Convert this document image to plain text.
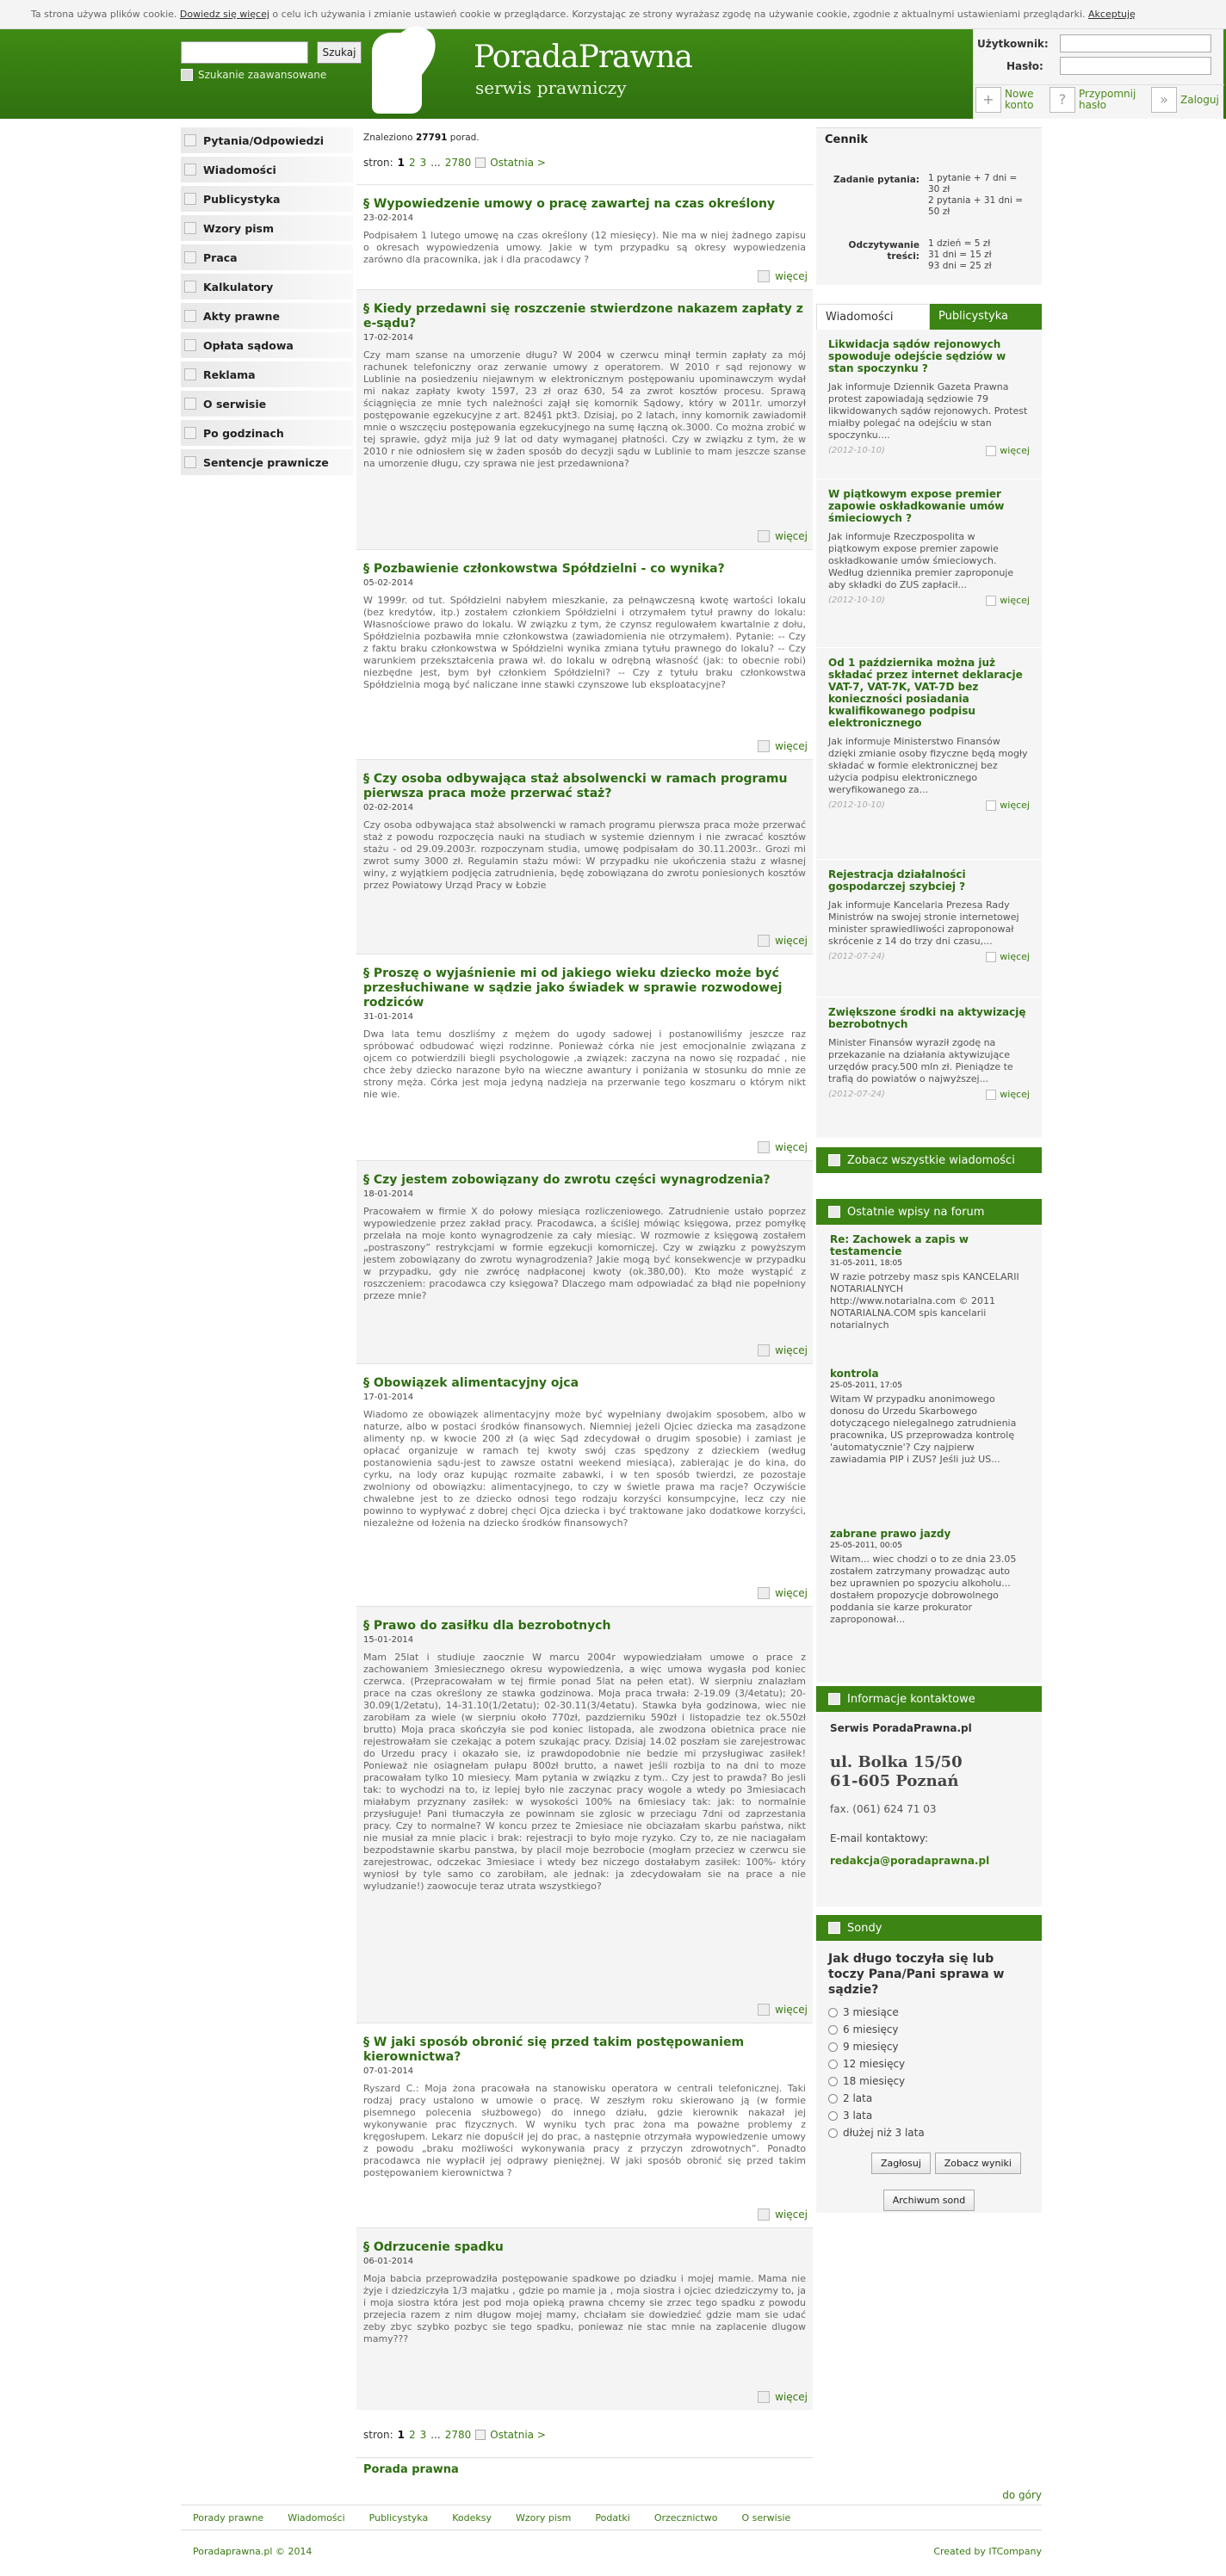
Ta strona używa plików cookie. Dowiedz się więcej o celu ich używania i zmianie ustawień cookie w przeglądarce. Korzystając ze strony wyrażasz zgodę na używanie cookie, zgodnie z aktualnymi ustawieniami przeglądarki. Akceptuję
Szukaj
Szukanie zaawansowane	PoradaPrawna
serwis prawniczy
Użytkownik:
Hasło:
+	Nowe konto	?	Przypomnij hasło	»	Zaloguj
Pytania/Odpowiedzi
Wiadomości
Publicystyka
Wzory pism
Praca
Kalkulatory
Akty prawne
Opłata sądowa
Reklama
O serwisie
Po godzinach
Sentencje prawnicze
Znaleziono 27791 porad.
stron: 1 2 3 ... 2780 Ostatnia >
§ Wypowiedzenie umowy o pracę zawartej na czas określony
23-02-2014
Podpisałem 1 lutego umowę na czas określony (12 miesięcy). Nie ma w niej żadnego zapisu o okresach wypowiedzenia umowy. Jakie w tym przypadku są okresy wypowiedzenia zarówno dla pracownika, jak i dla pracodawcy ?
więcej
§ Kiedy przedawni się roszczenie stwierdzone nakazem zapłaty z e-sądu?
17-02-2014
Czy mam szanse na umorzenie długu? W 2004 w czerwcu minął termin zapłaty za mój rachunek telefoniczny oraz zerwanie umowy z operatorem. W 2010 r sąd rejonowy w Lublinie na posiedzeniu niejawnym w elektronicznym postępowaniu upominawczym wydał mi nakaz zapłaty kwoty 1597, 23 zł oraz 630, 54 za zwrot kosztów procesu. Sprawą ściągnięcia ze mnie tych należności zajął się komornik Sądowy, który w 2011r. umorzył postępowanie egzekucyjne z art. 824§1 pkt3. Dzisiaj, po 2 latach, inny komornik zawiadomił mnie o wszczęciu postępowania egzekucyjnego na sumę łączną ok.3000. Co można zrobić w tej sprawie, gdyż mija już 9 lat od daty wymaganej płatności. Czy w związku z tym, że w 2010 r nie odniosłem się w żaden sposób do decyzji sądu w Lublinie to mam jeszcze szanse na umorzenie długu, czy sprawa nie jest przedawniona?
więcej
§ Pozbawienie członkowstwa Spółdzielni - co wynika?
05-02-2014
W 1999r. od tut. Spółdzielni nabyłem mieszkanie, za pełnąwczesną kwotę wartości lokalu (bez kredytów, itp.) zostałem członkiem Spółdzielni i otrzymałem tytuł prawny do lokalu: Własnościowe prawo do lokalu. W związku z tym, że czynsz regulowałem kwartalnie z dołu, Spółdzielnia pozbawiła mnie członkowstwa (zawiadomienia nie otrzymałem). Pytanie: -- Czy z faktu braku członkowstwa w Spółdzielni wynika zmiana tytułu prawnego do lokalu? -- Czy warunkiem przekształcenia prawa wł. do lokalu w odrębną własność (jak: to obecnie robi) niezbędne jest, bym był członkiem Spółdzielni? -- Czy z tytułu braku członkowstwa Spółdzielnia mogą być naliczane inne stawki czynszowe lub eksploatacyjne?
więcej
§ Czy osoba odbywająca staż absolwencki w ramach programu pierwsza praca może przerwać staż?
02-02-2014
Czy osoba odbywająca staż absolwencki w ramach programu pierwsza praca może przerwać staż z powodu rozpoczęcia nauki na studiach w systemie dziennym i nie zwracać kosztów stażu - od 29.09.2003r. rozpoczynam studia, umowę podpisałam do 30.11.2003r.. Grozi mi zwrot sumy 3000 zł. Regulamin stażu mówi: W przypadku nie ukończenia stażu z własnej winy, z wyjątkiem podjęcia zatrudnienia, będę zobowiązana do zwrotu poniesionych kosztów przez Powiatowy Urząd Pracy w Łobzie
więcej
§ Proszę o wyjaśnienie mi od jakiego wieku dziecko może być przesłuchiwane w sądzie jako świadek w sprawie rozwodowej rodziców
31-01-2014
Dwa lata temu doszliśmy z mężem do ugody sadowej i postanowiliśmy jeszcze raz spróbować odbudować więzi rodzinne. Ponieważ córka nie jest emocjonalnie związana z ojcem co potwierdzili biegli psychologowie ,a związek: zaczyna na nowo się rozpadać , nie chce żeby dziecko narazone było na wieczne awantury i poniżania w stosunku do mnie ze strony męża. Córka jest moja jedyną nadzieja na przerwanie tego koszmaru o którym nikt nie wie.
więcej
§ Czy jestem zobowiązany do zwrotu części wynagrodzenia?
18-01-2014
Pracowałem w firmie X do połowy miesiąca rozliczeniowego. Zatrudnienie ustało poprzez wypowiedzenie przez zakład pracy. Pracodawca, a ściślej mówiąc księgowa, przez pomyłkę przelała na moje konto wynagrodzenie za cały miesiąc. W rozmowie z księgową zostałem „postraszony” restrykcjami w formie egzekucji komorniczej. Czy w związku z powyższym jestem zobowiązany do zwrotu wynagrodzenia? Jakie mogą być konsekwencje w przypadku w przypadku, gdy nie zwrócę nadpłaconej kwoty (ok.380,00). Kto może wystąpić z roszczeniem: pracodawca czy księgowa? Dlaczego mam odpowiadać za błąd nie popełniony przeze mnie?
więcej
§ Obowiązek alimentacyjny ojca
17-01-2014
Wiadomo ze obowiązek alimentacyjny może być wypełniany dwojakim sposobem, albo w naturze, albo w postaci środków finansowych. Niemniej jeżeli Ojciec dziecka ma zasądzone alimenty np. w kwocie 200 zł (a więc Sąd zdecydował o drugim sposobie) i zamiast je opłacać organizuje w ramach tej kwoty swój czas spędzony z dzieckiem (według postanowienia sądu-jest to zawsze ostatni weekend miesiąca), zabierając je do kina, do cyrku, na lody oraz kupując rozmaite zabawki, i w ten sposób twierdzi, ze pozostaje zwolniony od obowiązku: alimentacyjnego, to czy w świetle prawa ma racje? Oczywiście chwalebne jest to ze dziecko odnosi tego rodzaju korzyści konsumpcyjne, lecz czy nie powinno to wypływać z dobrej chęci Ojca dziecka i być traktowane jako dodatkowe korzyści, niezależne od łożenia na dziecko środków finansowych?
więcej
§ Prawo do zasiłku dla bezrobotnych
15-01-2014
Mam 25lat i studiuje zaocznie W marcu 2004r wypowiedziałam umowe o prace z zachowaniem 3miesiecznego okresu wypowiedzenia, a więc umowa wygasła pod koniec czerwca. (Przepracowałam w tej firmie ponad 5lat na pełen etat). W sierpniu znalazłam prace na czas określony ze stawka godzinowa. Moja praca trwała: 2-19.09 (3/4etatu); 20-30.09(1/2etatu), 14-31.10(1/2etatu); 02-30.11(3/4etatu). Stawka była godzinowa, wiec nie zarobiłam za wiele (w sierpniu około 770zł, pazdzierniku 590zł i listopadzie tez ok.550zł brutto) Moja praca skończyła sie pod koniec listopada, ale zwodzona obietnica prace nie rejestrowałam sie czekając a potem szukając pracy. Dzisiaj 14.02 poszłam sie zarejestrowac do Urzedu pracy i okazało sie, iz prawdopodobnie nie bedzie mi przysługiwac zasiłek! Ponieważ nie osiagnełam pułapu 800zł brutto, a nawet jeśli rozbija to na dni to moze pracowałam tylko 10 miesiecy. Mam pytania w związku z tym.. Czy jest to prawda? Bo jesli tak: to wychodzi na to, iz lepiej było nie zaczynac pracy wogole a wtedy po 3miesiacach miałabym przyznany zasiłek: w wysokości 100% na 6miesiacy tak: jak: to normalnie przysługuje! Pani tłumaczyła ze powinnam sie zglosic w przeciagu 7dni od zaprzestania pracy. Czy to normalne? W koncu przez te 2miesiace nie obciazałam skarbu państwa, nikt nie musiał za mnie placic i brak: rejestracji to było moje ryzyko. Czy to, ze nie naciagałam bezpodstawnie skarbu panstwa, by placil moje bezrobocie (mogłam przeciez w czerwcu sie zarejestrowac, odczekac 3miesiace i wtedy bez niczego dostałabym zasiłek: 100%- który wyniosł by tyle samo co zarobiłam, ale jednak: ja zdecydowałam sie na prace a nie wyludzanie!) zaowocuje teraz utrata wszystkiego?
więcej
§ W jaki sposób obronić się przed takim postępowaniem kierownictwa?
07-01-2014
Ryszard C.: Moja żona pracowała na stanowisku operatora w centrali telefonicznej. Taki rodzaj pracy ustalono w umowie o pracę. W zeszłym roku skierowano ją (w formie pisemnego polecenia służbowego) do innego działu, gdzie kierownik nakazał jej wykonywanie prac fizycznych. W wyniku tych prac żona ma poważne problemy z kręgosłupem. Lekarz nie dopuścił jej do prac, a następnie otrzymała wypowiedzenie umowy z powodu „braku możliwości wykonywania pracy z przyczyn zdrowotnych”. Ponadto pracodawca nie wypłacił jej odprawy pieniężnej. W jaki sposób obronić się przed takim postępowaniem kierownictwa ?
więcej
§ Odrzucenie spadku
06-01-2014
Moja babcia przeprowadziła postępowanie spadkowe po dziadku i mojej mamie. Mama nie żyje i dziedziczyła 1/3 majatku , gdzie po mamie ja , moja siostra i ojciec dziedziczymy to, ja i moja siostra która jest pod moja opieką prawna chcemy sie zrzec tego spadku z powodu przejecia razem z nim długow mojej mamy, chciałam sie dowiedzieć gdzie mam sie udać zeby zbyc szybko pozbyc sie tego spadku, poniewaz nie stac mnie na zaplacenie dlugow mamy???
więcej
stron: 1 2 3 ... 2780 Ostatnia >
Porada prawna
Cennik
Zadanie pytania: 1 pytanie + 7 dni = 30 zł
2 pytania + 31 dni = 50 zł
Odczytywanie treści:
1 dzień = 5 zł
31 dni = 15 zł
93 dni = 25 zł
Wiadomości	Publicystyka
Likwidacja sądów rejonowych spowoduje odejście sędziów w stan spoczynku ?

Jak informuje Dziennik Gazeta Prawna protest zapowiadają sędziowie 79 likwidowanych sądów rejonowych. Protest miałby polegać na odejściu w stan spoczynku....

(2012-10-10)	więcej
W piątkowym expose premier zapowie oskładkowanie umów śmieciowych ?

Jak informuje Rzeczpospolita w piątkowym expose premier zapowie oskładkowanie umów śmieciowych. Według dziennika premier zaproponuje aby składki do ZUS zapłacił...

(2012-10-10)	więcej
Od 1 października można już składać przez internet deklaracje VAT-7, VAT-7K, VAT-7D bez konieczności posiadania kwalifikowanego podpisu elektronicznego

Jak informuje Ministerstwo Finansów dzięki zmianie osoby fizyczne będą mogły składać w formie elektronicznej bez użycia podpisu elektronicznego weryfikowanego za...

(2012-10-10)	więcej
Rejestracja działalności gospodarczej szybciej ?

Jak informuje Kancelaria Prezesa Rady Ministrów na swojej stronie internetowej minister sprawiedliwości zaproponował skrócenie z 14 do trzy dni czasu,...

(2012-07-24)	więcej
Zwiększone środki na aktywizację bezrobotnych

Minister Finansów wyraził zgodę na przekazanie na działania aktywizujące urzędów pracy.500 mln zł. Pieniądze te trafią do powiatów o najwyższej...

(2012-07-24)	więcej
Zobacz wszystkie wiadomości
Ostatnie wpisy na forum
Re: Zachowek a zapis w testamencie
31-05-2011, 18:05

W razie potrzeby masz spis KANCELARII NOTARIALNYCH http://www.notarialna.com © 2011 NOTARIALNA.COM spis kancelarii notarialnych

kontrola
25-05-2011, 17:05

Witam W przypadku anonimowego donosu do Urzedu Skarbowego dotyczącego nielegalnego zatrudnienia pracownika, US przeprowadza kontrolę 'automatycznie'? Czy najpierw zawiadamia PIP i ZUS? Jeśli już US...

zabrane prawo jazdy
25-05-2011, 00:05

Witam... wiec chodzi o to ze dnia 23.05 zostałem zatrzymany prowadząc auto bez uprawnien po spozyciu alkoholu... dostałem propozycje dobrowolnego poddania sie karze prokurator zaproponował...

Informacje kontaktowe
Serwis PoradaPrawna.pl
ul. Bolka 15/50
61-605 Poznań
fax. (061) 624 71 03
E-mail kontaktowy:
redakcja@poradaprawna.pl
Sondy
Jak długo toczyła się lub toczy Pana/Pani sprawa w sądzie?
3 miesiące
6 miesięcy
9 miesięcy
12 miesięcy
18 miesięcy
2 lata
3 lata
dłużej niż 3 lata
Zagłosuj	Zobacz wyniki
Archiwum sond
do góry
Porady prawne	Wiadomości	Publicystyka	Kodeksy	Wzory pism	Podatki	Orzecznictwo	O serwisie
Poradaprawna.pl © 2014	Created by ITCompany
